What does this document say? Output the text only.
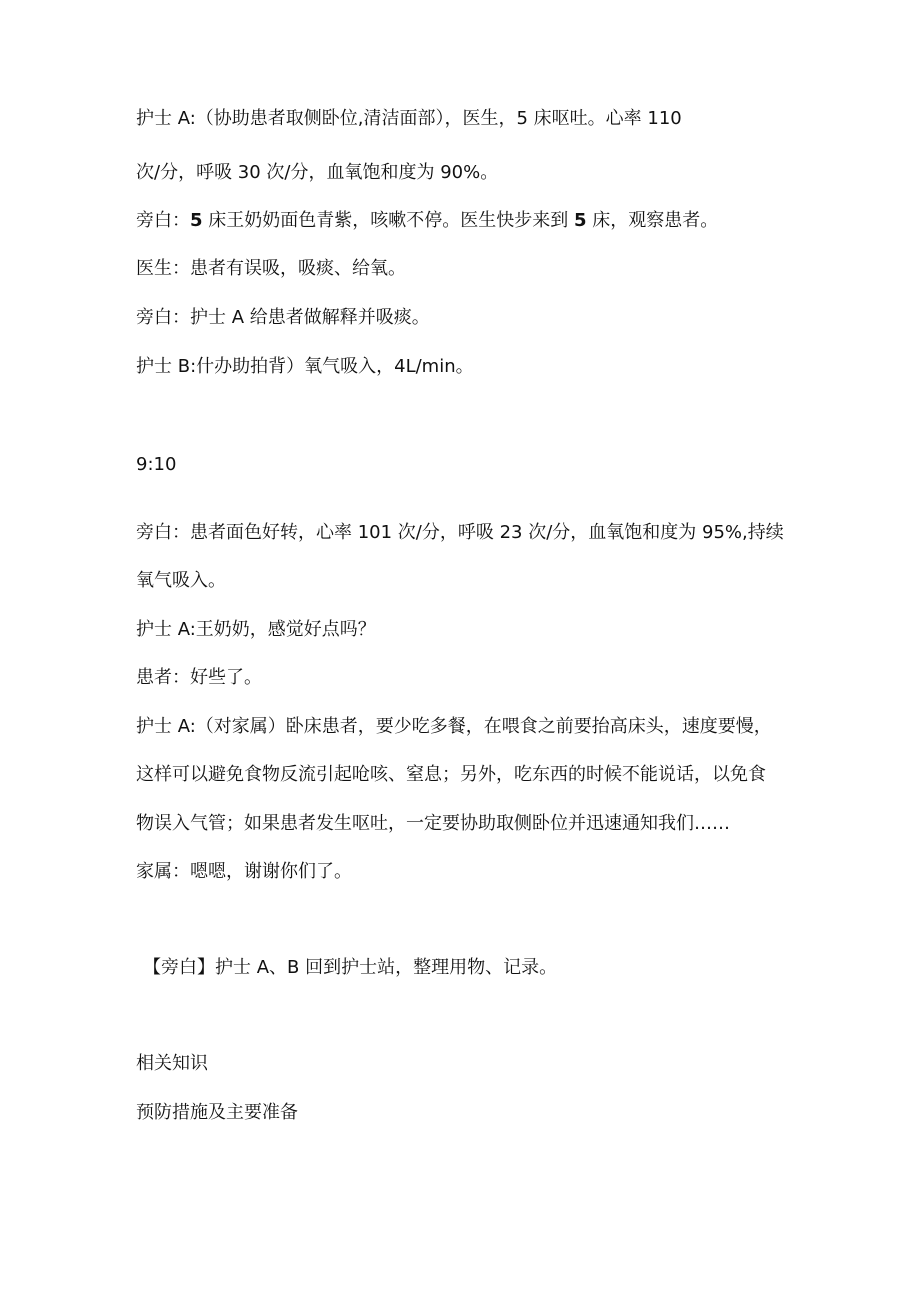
护士 A:（协助患者取侧卧位,清洁面部），医生，5 床呕吐。心率 110
次/分，呼吸 30 次/分，血氧饱和度为 90%。
旁白：5 床王奶奶面色青紫，咳嗽不停。医生快步来到 5 床，观察患者。
医生：患者有误吸，吸痰、给氧。
旁白：护士 A 给患者做解释并吸痰。
护士 B:什办助拍背）氧气吸入，4L/min。
9:10
旁白：患者面色好转，心率 101 次/分，呼吸 23 次/分，血氧饱和度为 95%,持续
氧气吸入。
护士 A:王奶奶，感觉好点吗？
患者：好些了。
护士 A:（对家属）卧床患者，要少吃多餐，在喂食之前要抬高床头，速度要慢，
这样可以避免食物反流引起呛咳、窒息；另外，吃东西的时候不能说话，以免食
物误入气管；如果患者发生呕吐，一定要协助取侧卧位并迅速通知我们……
家属：嗯嗯，谢谢你们了。
【旁白】护士 A、B 回到护士站，整理用物、记录。
相关知识
预防措施及主要准备
